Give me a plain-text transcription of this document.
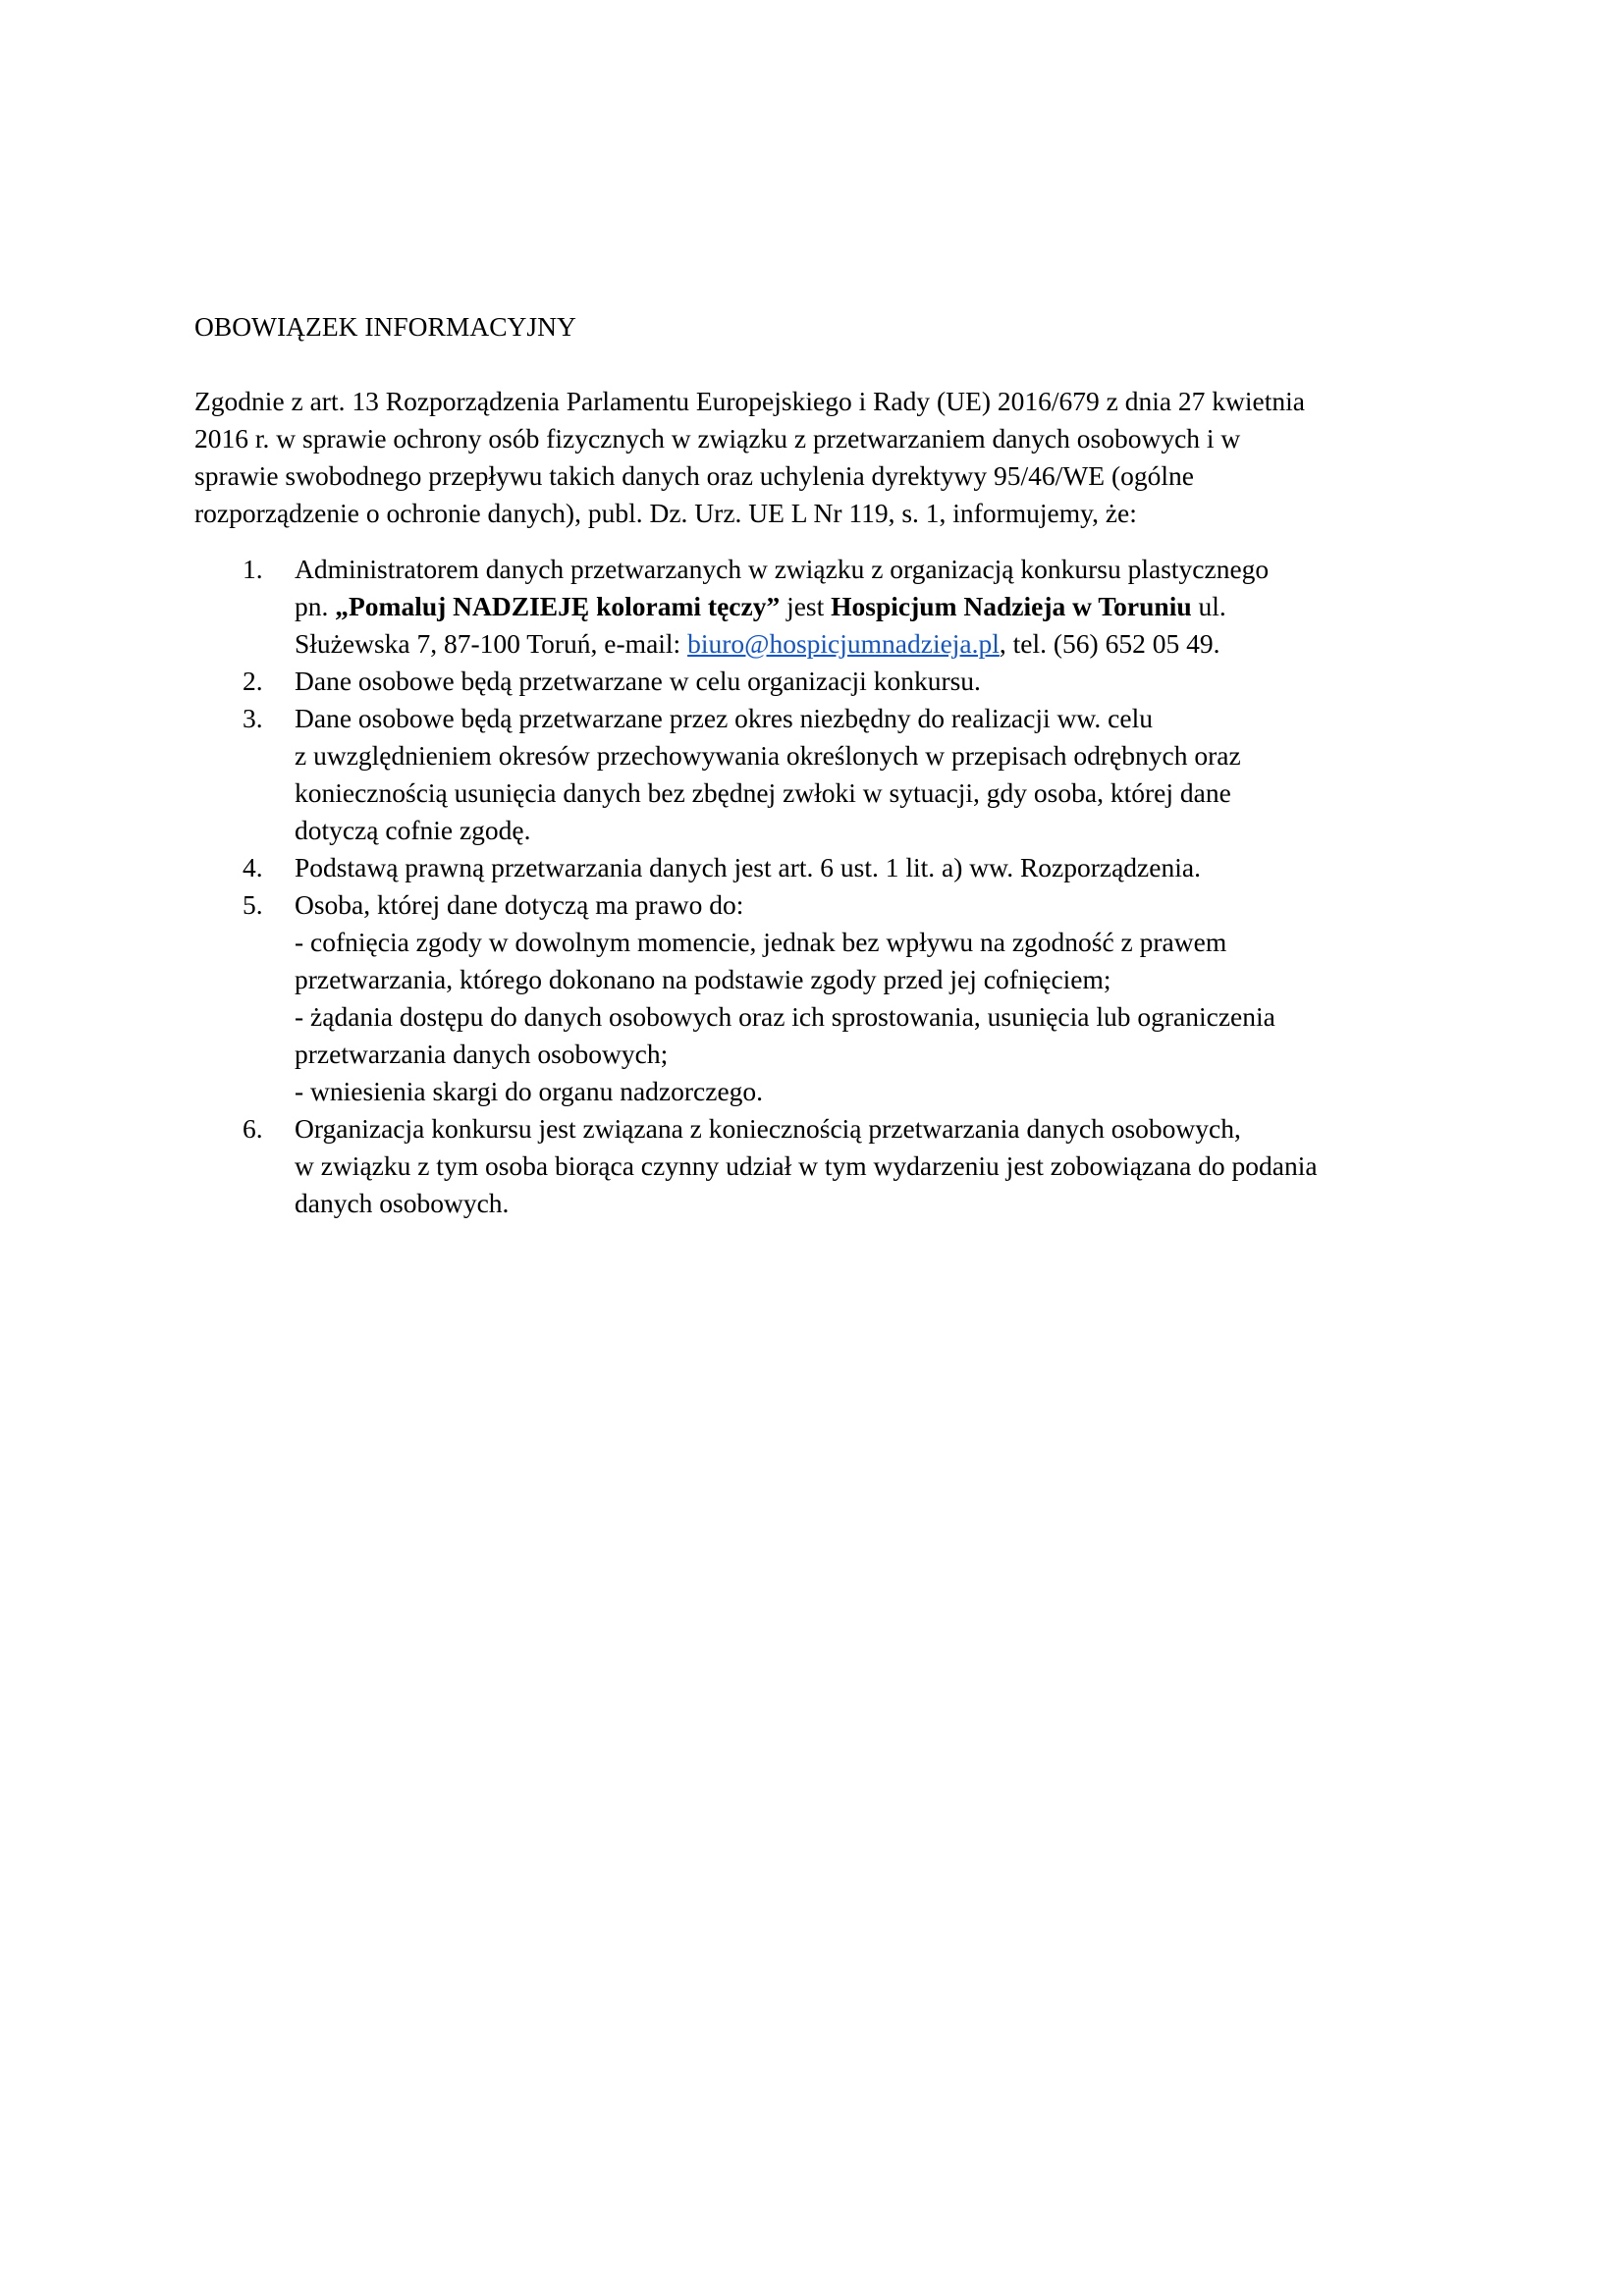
OBOWIĄZEK INFORMACYJNY

Zgodnie z art. 13 Rozporządzenia Parlamentu Europejskiego i Rady (UE) 2016/679 z dnia 27 kwietnia
2016 r. w sprawie ochrony osób fizycznych w związku z przetwarzaniem danych osobowych i w
sprawie swobodnego przepływu takich danych oraz uchylenia dyrektywy 95/46/WE (ogólne
rozporządzenie o ochronie danych), publ. Dz. Urz. UE L Nr 119, s. 1, informujemy, że:

1. Administratorem danych przetwarzanych w związku z organizacją konkursu plastycznego
pn. „Pomaluj NADZIEJĘ kolorami tęczy” jest Hospicjum Nadzieja w Toruniu ul.
Służewska 7, 87-100 Toruń, e-mail: biuro@hospicjumnadzieja.pl, tel. (56) 652 05 49.
2. Dane osobowe będą przetwarzane w celu organizacji konkursu.
3. Dane osobowe będą przetwarzane przez okres niezbędny do realizacji ww. celu
z uwzględnieniem okresów przechowywania określonych w przepisach odrębnych oraz
koniecznością usunięcia danych bez zbędnej zwłoki w sytuacji, gdy osoba, której dane
dotyczą cofnie zgodę.
4. Podstawą prawną przetwarzania danych jest art. 6 ust. 1 lit. a) ww. Rozporządzenia.
5. Osoba, której dane dotyczą ma prawo do:
- cofnięcia zgody w dowolnym momencie, jednak bez wpływu na zgodność z prawem
przetwarzania, którego dokonano na podstawie zgody przed jej cofnięciem;
- żądania dostępu do danych osobowych oraz ich sprostowania, usunięcia lub ograniczenia
przetwarzania danych osobowych;
- wniesienia skargi do organu nadzorczego.
6. Organizacja konkursu jest związana z koniecznością przetwarzania danych osobowych,
w związku z tym osoba biorąca czynny udział w tym wydarzeniu jest zobowiązana do podania
danych osobowych.
